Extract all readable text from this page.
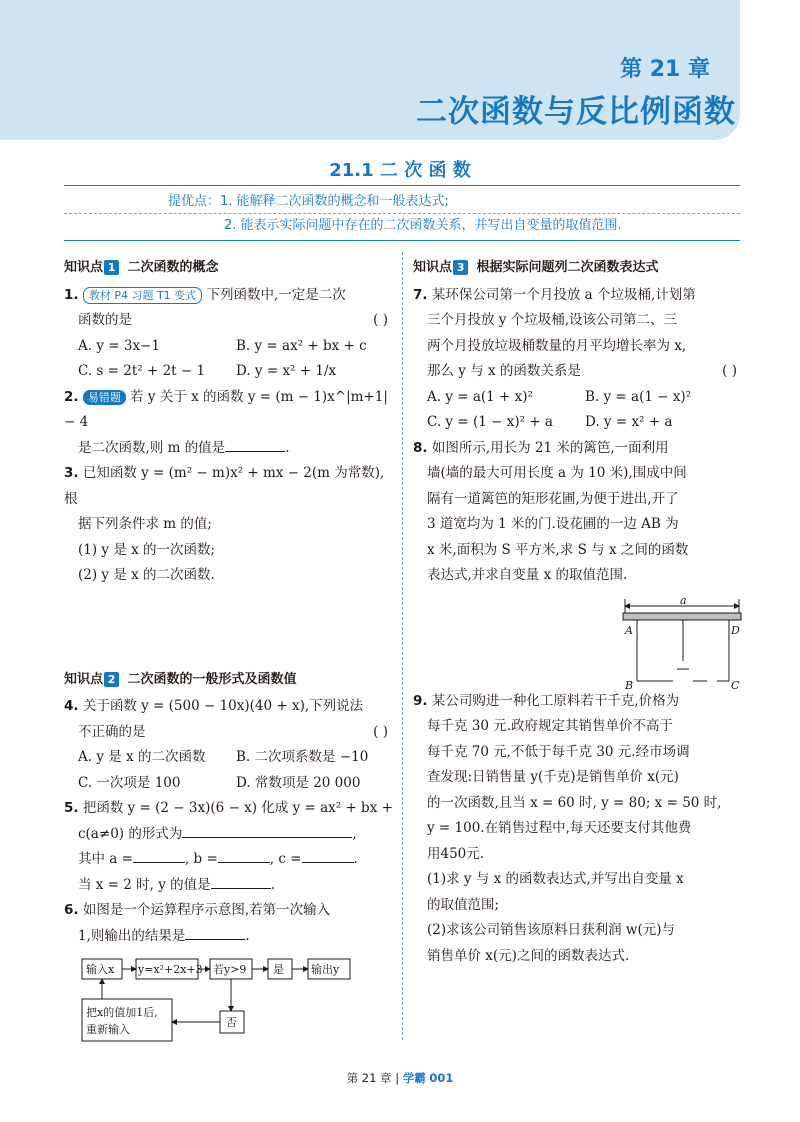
第 21 章
二次函数与反比例函数
21.1 二 次 函 数
提优点：1. 能解释二次函数的概念和一般表达式;
2. 能表示实际问题中存在的二次函数关系，并写出自变量的取值范围.
知识点 1 二次函数的概念
1. 教材 P4 习题 T1 变式 下列函数中,一定是二次
函数的是	( )
A. y = 3x−1	B. y = ax² + bx + c
C. s = 2t² + 2t − 1	D. y = x² + 1/x
2. 易错题 若 y 关于 x 的函数 y = (m − 1)x^|m+1| − 4
是二次函数,则 m 的值是	.
3. 已知函数 y = (m² − m)x² + mx − 2(m 为常数),根
据下列条件求 m 的值;
(1) y 是 x 的一次函数;
(2) y 是 x 的二次函数.
知识点 2 二次函数的一般形式及函数值
4. 关于函数 y = (500 − 10x)(40 + x),下列说法
不正确的是	( )
A. y 是 x 的二次函数	B. 二次项系数是 −10
C. 一次项是 100	D. 常数项是 20 000
5. 把函数 y = (2 − 3x)(6 − x) 化成 y = ax² + bx +
c(a≠0) 的形式为	,
其中 a =	, b =	, c =	.
当 x = 2 时, y 的值是	.
6. 如图是一个运算程序示意图,若第一次输入
1,则输出的结果是	.
输入x y=x²+2x+3 若y>9 是 输出y
否
把x的值加1后,
重新输入
知识点 3 根据实际问题列二次函数表达式
7. 某环保公司第一个月投放 a 个垃圾桶,计划第
三个月投放 y 个垃圾桶,设该公司第二、三
两个月投放垃圾桶数量的月平均增长率为 x,
那么 y 与 x 的函数关系是	( )
A. y = a(1 + x)²	B. y = a(1 − x)²
C. y = (1 − x)² + a	D. y = x² + a
8. 如图所示,用长为 21 米的篱笆,一面利用
墙(墙的最大可用长度 a 为 10 米),围成中间
隔有一道篱笆的矩形花圃,为便于进出,开了
3 道宽均为 1 米的门.设花圃的一边 AB 为
x 米,面积为 S 平方米,求 S 与 x 之间的函数
表达式,并求自变量 x 的取值范围.
a
A	D
B	C
9. 某公司购进一种化工原料若干千克,价格为
每千克 30 元.政府规定其销售单价不高于
每千克 70 元,不低于每千克 30 元.经市场调
查发现:日销售量 y(千克)是销售单价 x(元)
的一次函数,且当 x = 60 时, y = 80; x = 50 时,
y = 100.在销售过程中,每天还要支付其他费
用450元.
(1)求 y 与 x 的函数表达式,并写出自变量 x
的取值范围;
(2)求该公司销售该原料日获利润 w(元)与
销售单价 x(元)之间的函数表达式.
第 21 章 | 学霸 001
